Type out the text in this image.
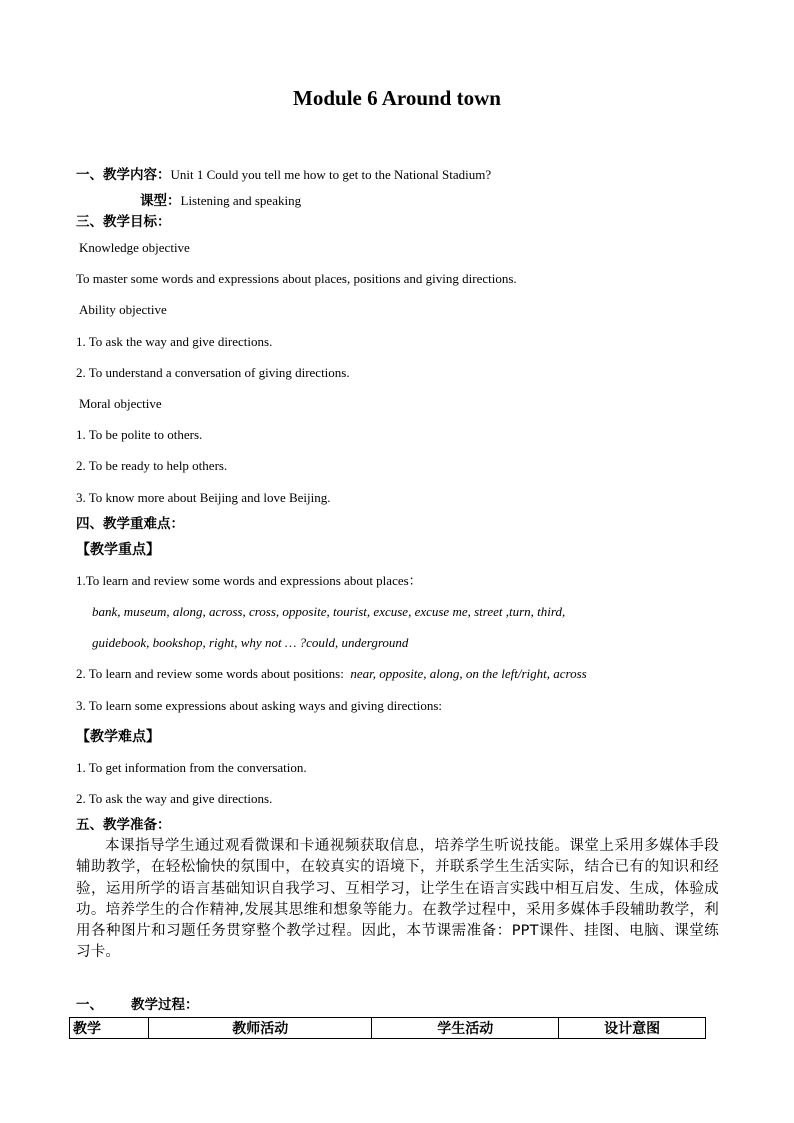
Module 6 Around town
一、教学内容：Unit 1 Could you tell me how to get to the National Stadium?
课型：Listening and speaking
三、教学目标：
Knowledge objective
To master some words and expressions about places, positions and giving directions.
Ability objective
1. To ask the way and give directions.
2. To understand a conversation of giving directions.
Moral objective
1. To be polite to others.
2. To be ready to help others.
3. To know more about Beijing and love Beijing.
四、教学重难点：
【教学重点】
1.To learn and review some words and expressions about places：
bank, museum, along, across, cross, opposite, tourist, excuse, excuse me, street ,turn, third,
guidebook, bookshop, right, why not … ?could, underground
2. To learn and review some words about positions: near, opposite, along, on the left/right, across
3. To learn some expressions about asking ways and giving directions:
【教学难点】
1. To get information from the conversation.
2. To ask the way and give directions.
五、教学准备：
本课指导学生通过观看微课和卡通视频获取信息，培养学生听说技能。课堂上采用多媒体手段辅助教学，在轻松愉快的氛围中，在较真实的语境下，并联系学生生活实际，结合已有的知识和经验，运用所学的语言基础知识自我学习、互相学习，让学生在语言实践中相互启发、生成，体验成功。培养学生的合作精神,发展其思维和想象等能力。在教学过程中，采用多媒体手段辅助教学，利用各种图片和习题任务贯穿整个教学过程。因此，本节课需准备：PPT课件、挂图、电脑、课堂练习卡。
一、 教学过程：
教学	教师活动	学生活动	设计意图
